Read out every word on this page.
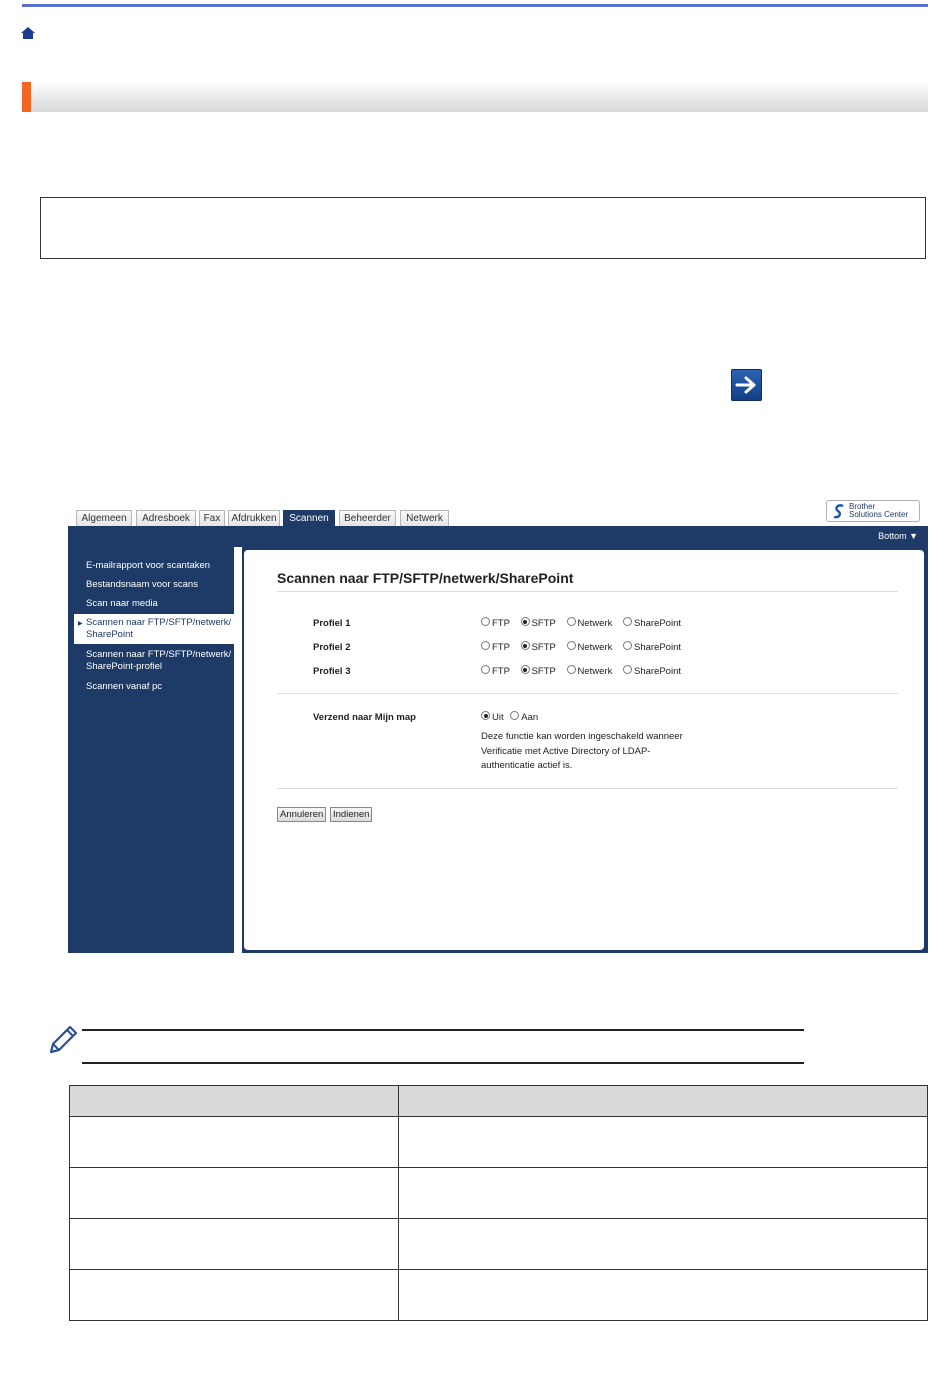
Algemeen	Adresboek	Fax	Afdrukken	Scannen	Beheerder	Netwerk
Brother
Solutions Center
Bottom ▼
E-mailrapport voor scantaken
Bestandsnaam voor scans
Scan naar media
▶ Scannen naar FTP/SFTP/netwerk/
SharePoint
Scannen naar FTP/SFTP/netwerk/
SharePoint-profiel
Scannen vanaf pc
Scannen naar FTP/SFTP/netwerk/SharePoint
Profiel 1	FTP SFTP Netwerk SharePoint
Profiel 2	FTP SFTP Netwerk SharePoint
Profiel 3	FTP SFTP Netwerk SharePoint
Verzend naar Mijn map	Uit Aan
Deze functie kan worden ingeschakeld wanneer
Verificatie met Active Directory of LDAP-
authenticatie actief is.
Annuleren	Indienen
